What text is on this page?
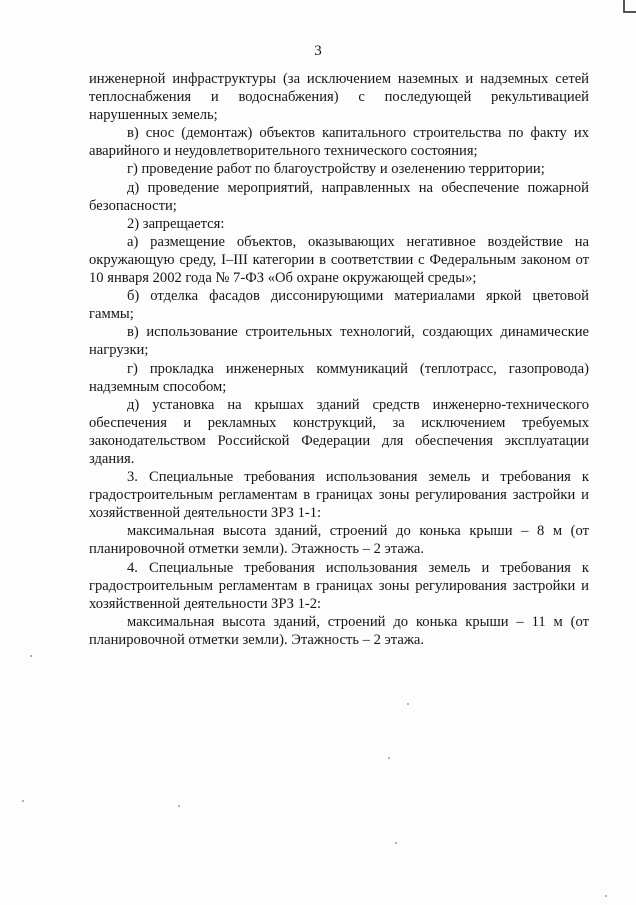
3

инженерной инфраструктуры (за исключением наземных и надземных сетей теплоснабжения и водоснабжения) с последующей рекультивацией нарушенных земель;

в) снос (демонтаж) объектов капитального строительства по факту их аварийного и неудовлетворительного технического состояния;

г) проведение работ по благоустройству и озеленению территории;

д) проведение мероприятий, направленных на обеспечение пожарной безопасности;

2) запрещается:

а) размещение объектов, оказывающих негативное воздействие на окружающую среду, I–III категории в соответствии с Федеральным законом от 10 января 2002 года № 7-ФЗ «Об охране окружающей среды»;

б) отделка фасадов диссонирующими материалами яркой цветовой гаммы;

в) использование строительных технологий, создающих динамические нагрузки;

г) прокладка инженерных коммуникаций (теплотрасс, газопровода) надземным способом;

д) установка на крышах зданий средств инженерно-технического обеспечения и рекламных конструкций, за исключением требуемых законодательством Российской Федерации для обеспечения эксплуатации здания.

3. Специальные требования использования земель и требования к градостроительным регламентам в границах зоны регулирования застройки и хозяйственной деятельности ЗРЗ 1-1:

максимальная высота зданий, строений до конька крыши – 8 м (от планировочной отметки земли). Этажность – 2 этажа.

4. Специальные требования использования земель и требования к градостроительным регламентам в границах зоны регулирования застройки и хозяйственной деятельности ЗРЗ 1-2:

максимальная высота зданий, строений до конька крыши – 11 м (от планировочной отметки земли). Этажность – 2 этажа.
